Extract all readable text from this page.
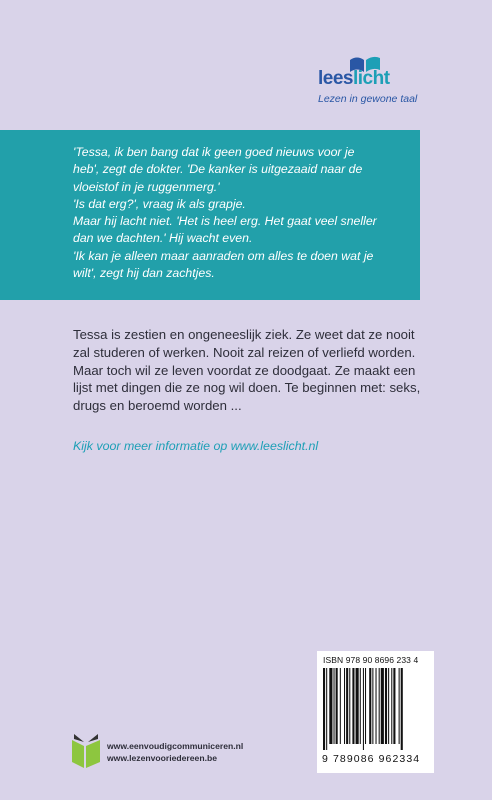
leeslicht
Lezen in gewone taal

'Tessa, ik ben bang dat ik geen goed nieuws voor je

heb', zegt de dokter. 'De kanker is uitgezaaid naar de

vloeistof in je ruggenmerg.'

'Is dat erg?', vraag ik als grapje.

Maar hij lacht niet. 'Het is heel erg. Het gaat veel sneller

dan we dachten.' Hij wacht even.

'Ik kan je alleen maar aanraden om alles te doen wat je

wilt', zegt hij dan zachtjes.

Tessa is zestien en ongeneeslijk ziek. Ze weet dat ze nooit

zal studeren of werken. Nooit zal reizen of verliefd worden.

Maar toch wil ze leven voordat ze doodgaat. Ze maakt een

lijst met dingen die ze nog wil doen. Te beginnen met: seks,

drugs en beroemd worden ...

Kijk voor meer informatie op www.leeslicht.nl
ISBN 978 90 8696 233 4
9 789086 962334

www.eenvoudigcommuniceren.nl

www.lezenvooriedereen.be
